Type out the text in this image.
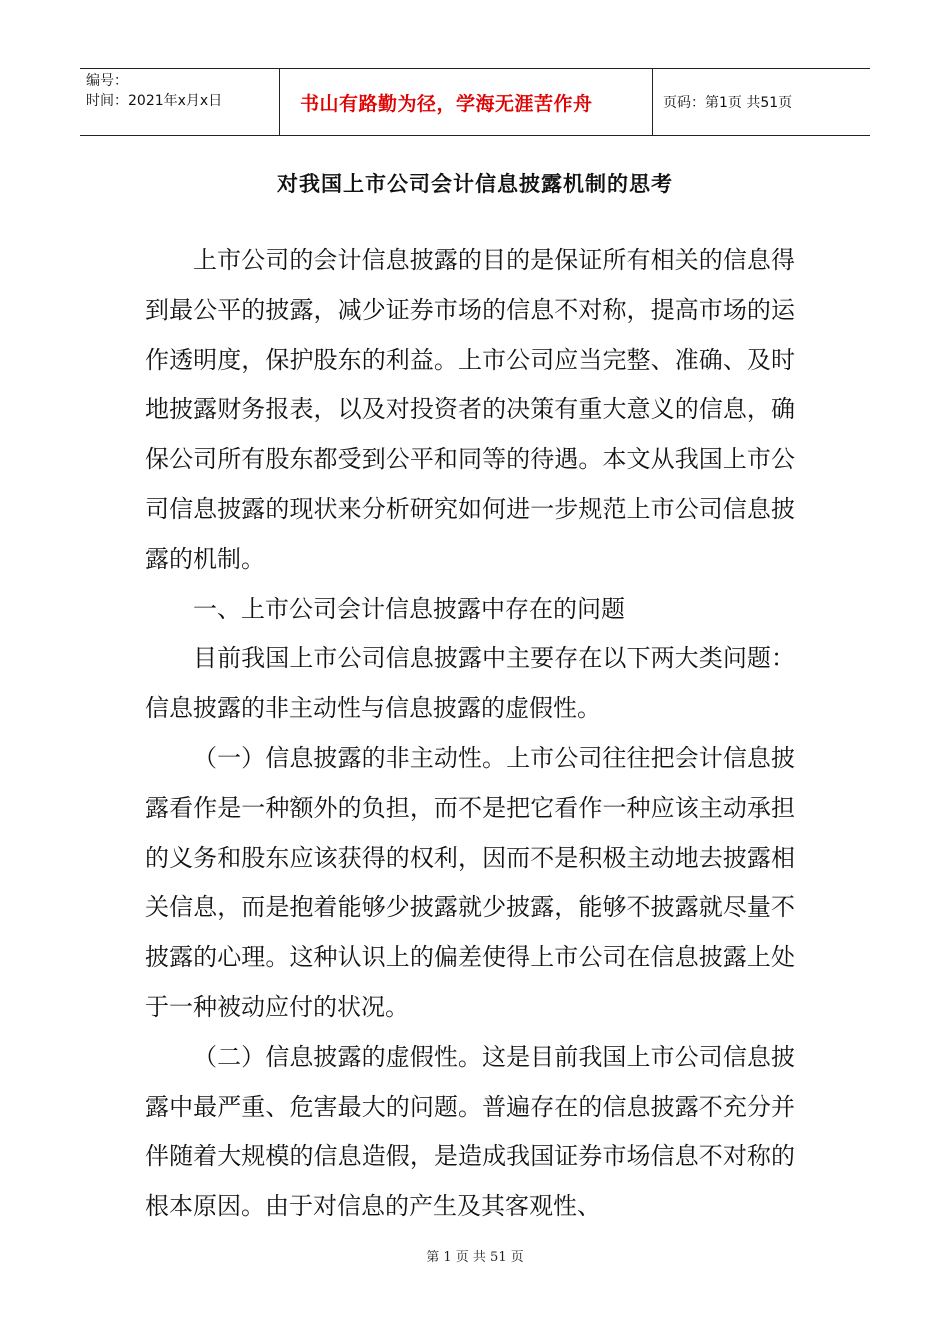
编号：
时间：2021年x月x日	书山有路勤为径，学海无涯苦作舟	页码：第1页 共51页
对我国上市公司会计信息披露机制的思考

上市公司的会计信息披露的目的是保证所有相关的信息得到最公平的披露，减少证券市场的信息不对称，提高市场的运作透明度，保护股东的利益。上市公司应当完整、准确、及时地披露财务报表，以及对投资者的决策有重大意义的信息，确保公司所有股东都受到公平和同等的待遇。本文从我国上市公司信息披露的现状来分析研究如何进一步规范上市公司信息披露的机制。

一、上市公司会计信息披露中存在的问题

目前我国上市公司信息披露中主要存在以下两大类问题：信息披露的非主动性与信息披露的虚假性。

（一）信息披露的非主动性。上市公司往往把会计信息披露看作是一种额外的负担，而不是把它看作一种应该主动承担的义务和股东应该获得的权利，因而不是积极主动地去披露相关信息，而是抱着能够少披露就少披露，能够不披露就尽量不披露的心理。这种认识上的偏差使得上市公司在信息披露上处于一种被动应付的状况。

（二）信息披露的虚假性。这是目前我国上市公司信息披露中最严重、危害最大的问题。普遍存在的信息披露不充分并伴随着大规模的信息造假，是造成我国证券市场信息不对称的根本原因。由于对信息的产生及其客观性、

第 1 页 共 51 页
